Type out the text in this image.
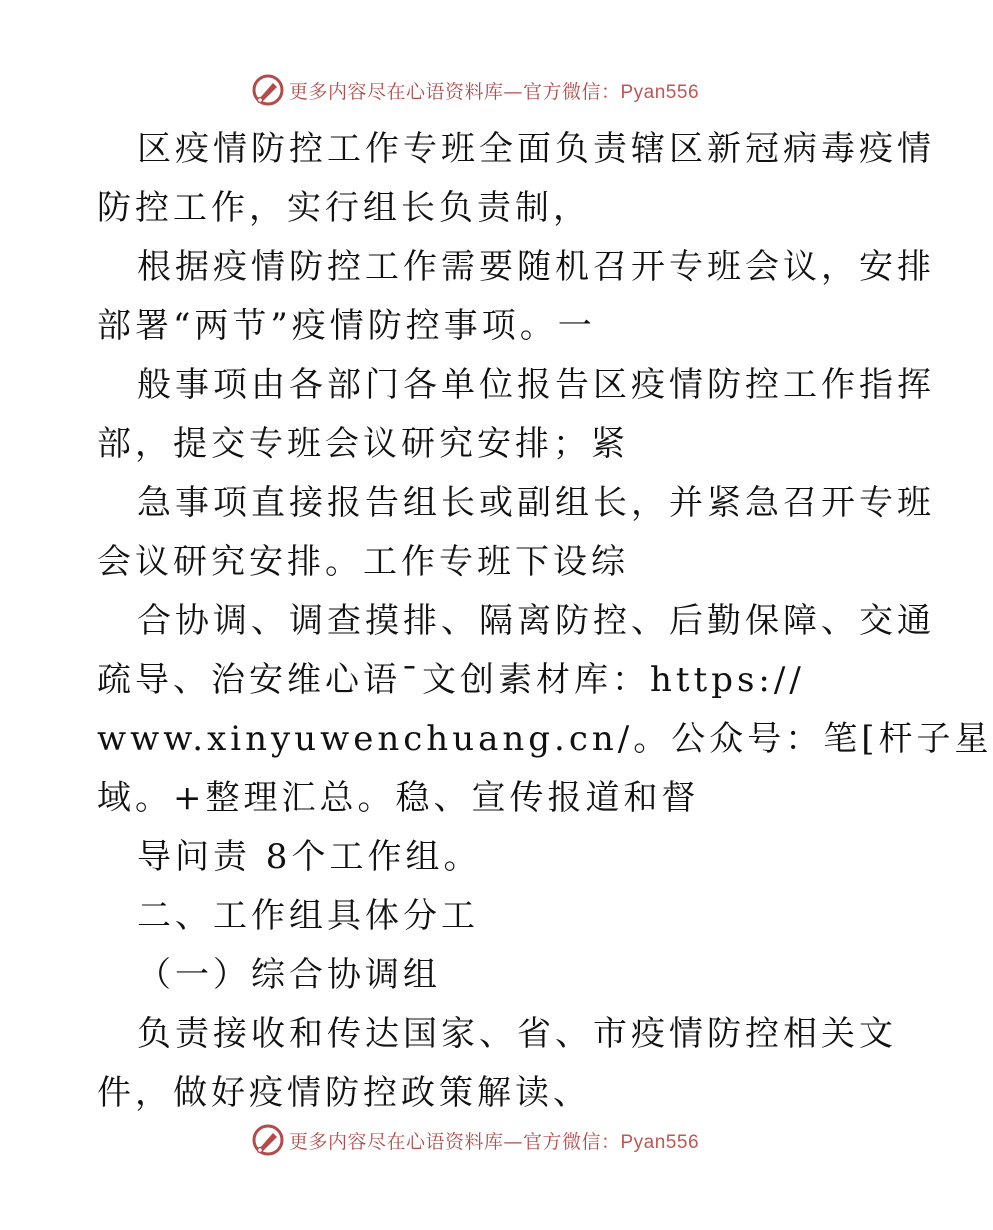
更多内容尽在心语资料库—官方微信：Pyan556
区疫情防控工作专班全面负责辖区新冠病毒疫情
防控工作，实行组长负责制，
根据疫情防控工作需要随机召开专班会议，安排
部署“两节”疫情防控事项。一
般事项由各部门各单位报告区疫情防控工作指挥
部，提交专班会议研究安排；紧
急事项直接报告组长或副组长，并紧急召开专班
会议研究安排。工作专班下设综
合协调、调查摸排、隔离防控、后勤保障、交通
疏导、治安维心语¯文创素材库：https://
www.xinyuwenchuang.cn/。公众号：笔[杆子星
域。+整理汇总。稳、宣传报道和督
导问责 8个工作组。
二、工作组具体分工
（一）综合协调组
负责接收和传达国家、省、市疫情防控相关文
件，做好疫情防控政策解读、
更多内容尽在心语资料库—官方微信：Pyan556
